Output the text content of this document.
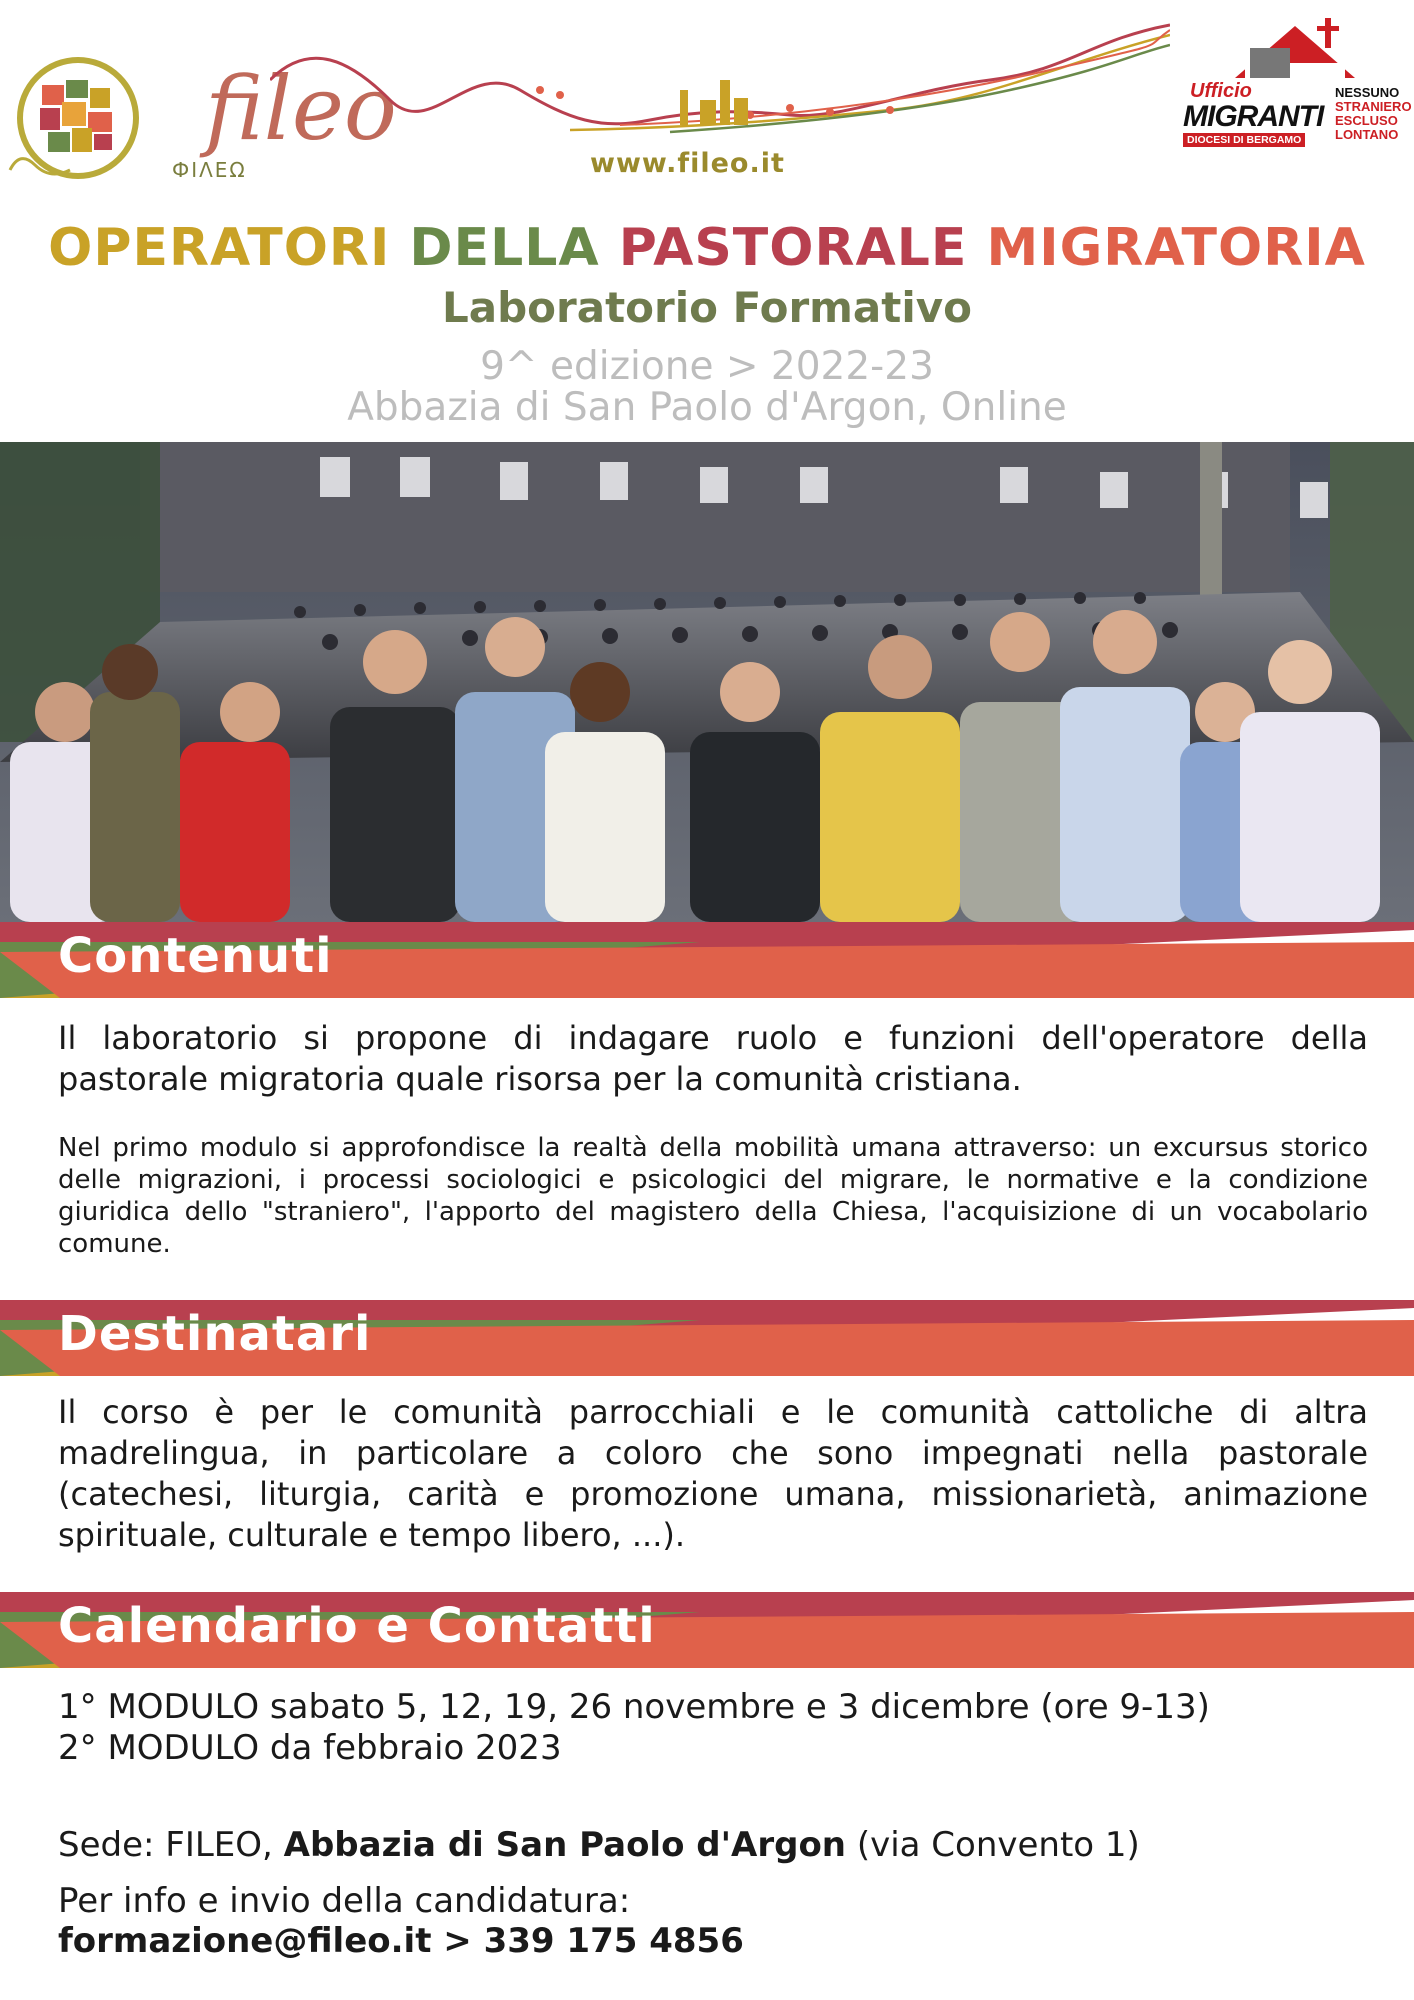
fileo
ФΙΛΕΩ	www.fileo.it
Ufficio
MIGRANTI
DIOCESI DI BERGAMO
NESSUNO
STRANIERO
ESCLUSO
LONTANO
OPERATORI DELLA PASTORALE MIGRATORIA
Laboratorio Formativo
9^ edizione > 2022-23
Abbazia di San Paolo d'Argon, Online
Contenuti
Il laboratorio si propone di indagare ruolo e funzioni dell'operatore della pastorale migratoria quale risorsa per la comunità cristiana.
Nel primo modulo si approfondisce la realtà della mobilità umana attraverso: un excursus storico delle migrazioni, i processi sociologici e psicologici del migrare, le normative e la condizione giuridica dello "straniero", l'apporto del magistero della Chiesa, l'acquisizione di un vocabolario comune.
Destinatari
Il corso è per le comunità parrocchiali e le comunità cattoliche di altra madrelingua, in particolare a coloro che sono impegnati nella pastorale (catechesi, liturgia, carità e promozione umana, missionarietà, animazione spirituale, culturale e tempo libero, ...).
Calendario e Contatti
1° MODULO sabato 5, 12, 19, 26 novembre e 3 dicembre (ore 9-13)
2° MODULO da febbraio 2023
Sede: FILEO, Abbazia di San Paolo d'Argon (via Convento 1)
Per info e invio della candidatura:
formazione@fileo.it > 339 175 4856
